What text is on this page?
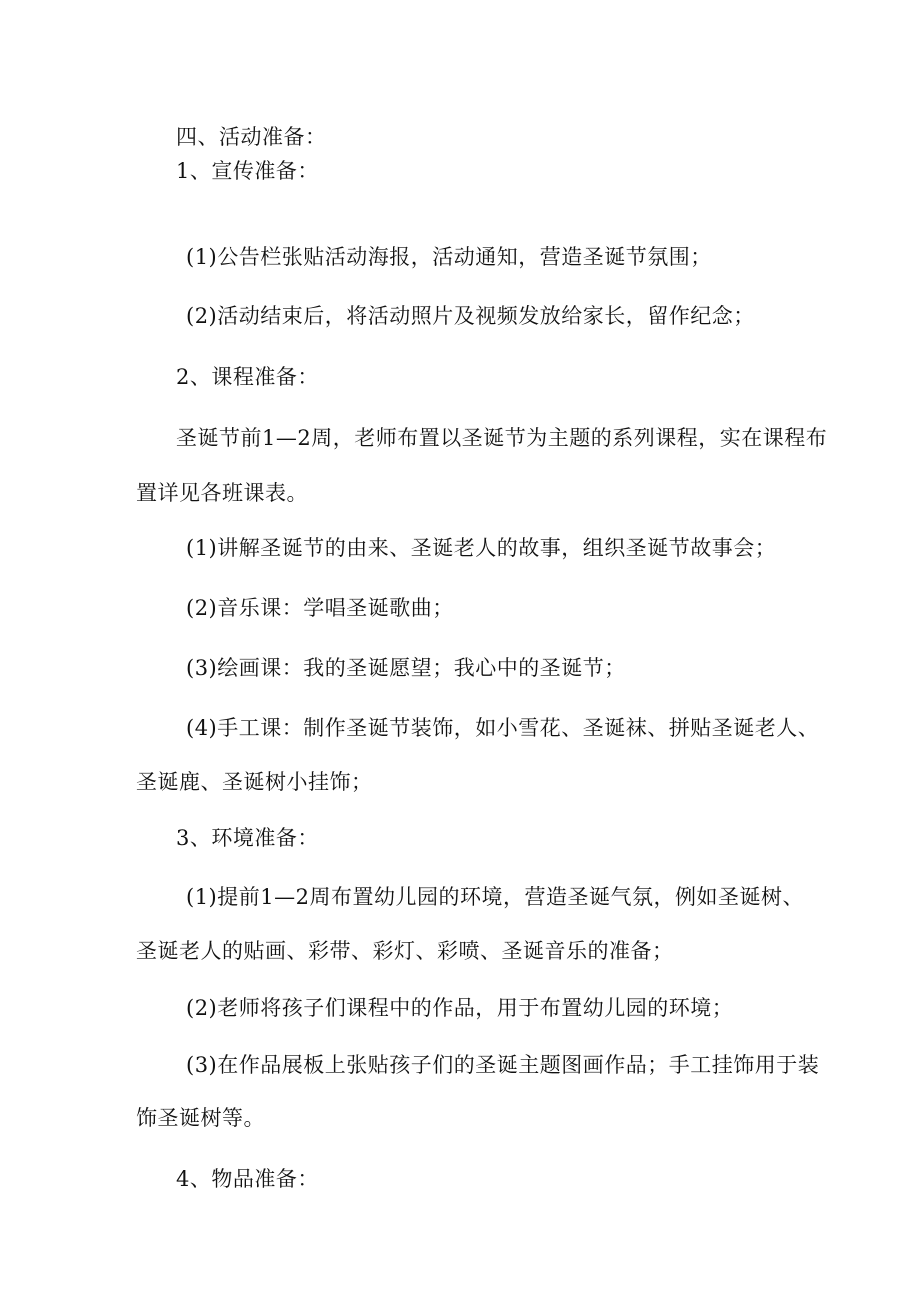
四、活动准备：
1、宣传准备：
(1)公告栏张贴活动海报，活动通知，营造圣诞节氛围；
(2)活动结束后，将活动照片及视频发放给家长，留作纪念；
2、课程准备：
圣诞节前1—2周，老师布置以圣诞节为主题的系列课程，实在课程布
置详见各班课表。
(1)讲解圣诞节的由来、圣诞老人的故事，组织圣诞节故事会；
(2)音乐课：学唱圣诞歌曲；
(3)绘画课：我的圣诞愿望；我心中的圣诞节；
(4)手工课：制作圣诞节装饰，如小雪花、圣诞袜、拼贴圣诞老人、
圣诞鹿、圣诞树小挂饰；
3、环境准备：
(1)提前1—2周布置幼儿园的环境，营造圣诞气氛，例如圣诞树、
圣诞老人的贴画、彩带、彩灯、彩喷、圣诞音乐的准备；
(2)老师将孩子们课程中的作品，用于布置幼儿园的环境；
(3)在作品展板上张贴孩子们的圣诞主题图画作品；手工挂饰用于装
饰圣诞树等。
4、物品准备：
